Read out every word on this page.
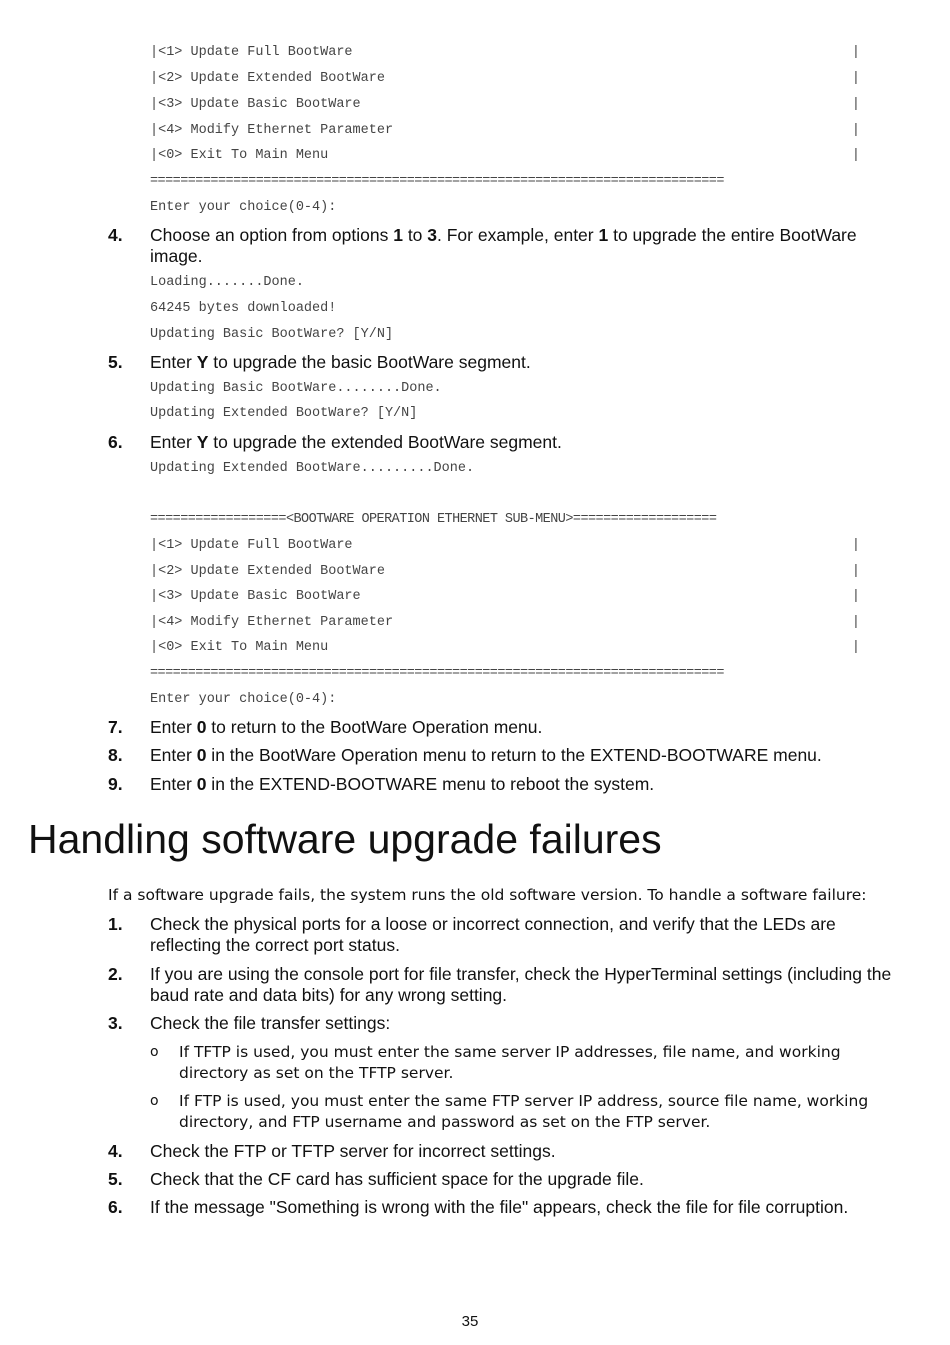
|<1> Update Full BootWare	|
|<2> Update Extended BootWare	|
|<3> Update Basic BootWare	|
|<4> Modify Ethernet Parameter	|
|<0> Exit To Main Menu	|
============================================================================
Enter your choice(0-4):
4. Choose an option from options 1 to 3. For example, enter 1 to upgrade the entire BootWare image.
Loading.......Done.
64245 bytes downloaded!
Updating Basic BootWare? [Y/N]
5. Enter Y to upgrade the basic BootWare segment.
Updating Basic BootWare........Done.
Updating Extended BootWare? [Y/N]
6. Enter Y to upgrade the extended BootWare segment.
Updating Extended BootWare.........Done.
================== <BOOTWARE OPERATION ETHERNET SUB-MENU> ===================
|<1> Update Full BootWare	|
|<2> Update Extended BootWare	|
|<3> Update Basic BootWare	|
|<4> Modify Ethernet Parameter	|
|<0> Exit To Main Menu	|
============================================================================
Enter your choice(0-4):
7. Enter 0 to return to the BootWare Operation menu.
8. Enter 0 in the BootWare Operation menu to return to the EXTEND-BOOTWARE menu.
9. Enter 0 in the EXTEND-BOOTWARE menu to reboot the system.
Handling software upgrade failures
If a software upgrade fails, the system runs the old software version. To handle a software failure:
1. Check the physical ports for a loose or incorrect connection, and verify that the LEDs are reflecting the correct port status.
2. If you are using the console port for file transfer, check the HyperTerminal settings (including the baud rate and data bits) for any wrong setting.
3. Check the file transfer settings:
o If TFTP is used, you must enter the same server IP addresses, file name, and working directory as set on the TFTP server.
o If FTP is used, you must enter the same FTP server IP address, source file name, working directory, and FTP username and password as set on the FTP server.
4. Check the FTP or TFTP server for incorrect settings.
5. Check that the CF card has sufficient space for the upgrade file.
6. If the message "Something is wrong with the file" appears, check the file for file corruption.
35
